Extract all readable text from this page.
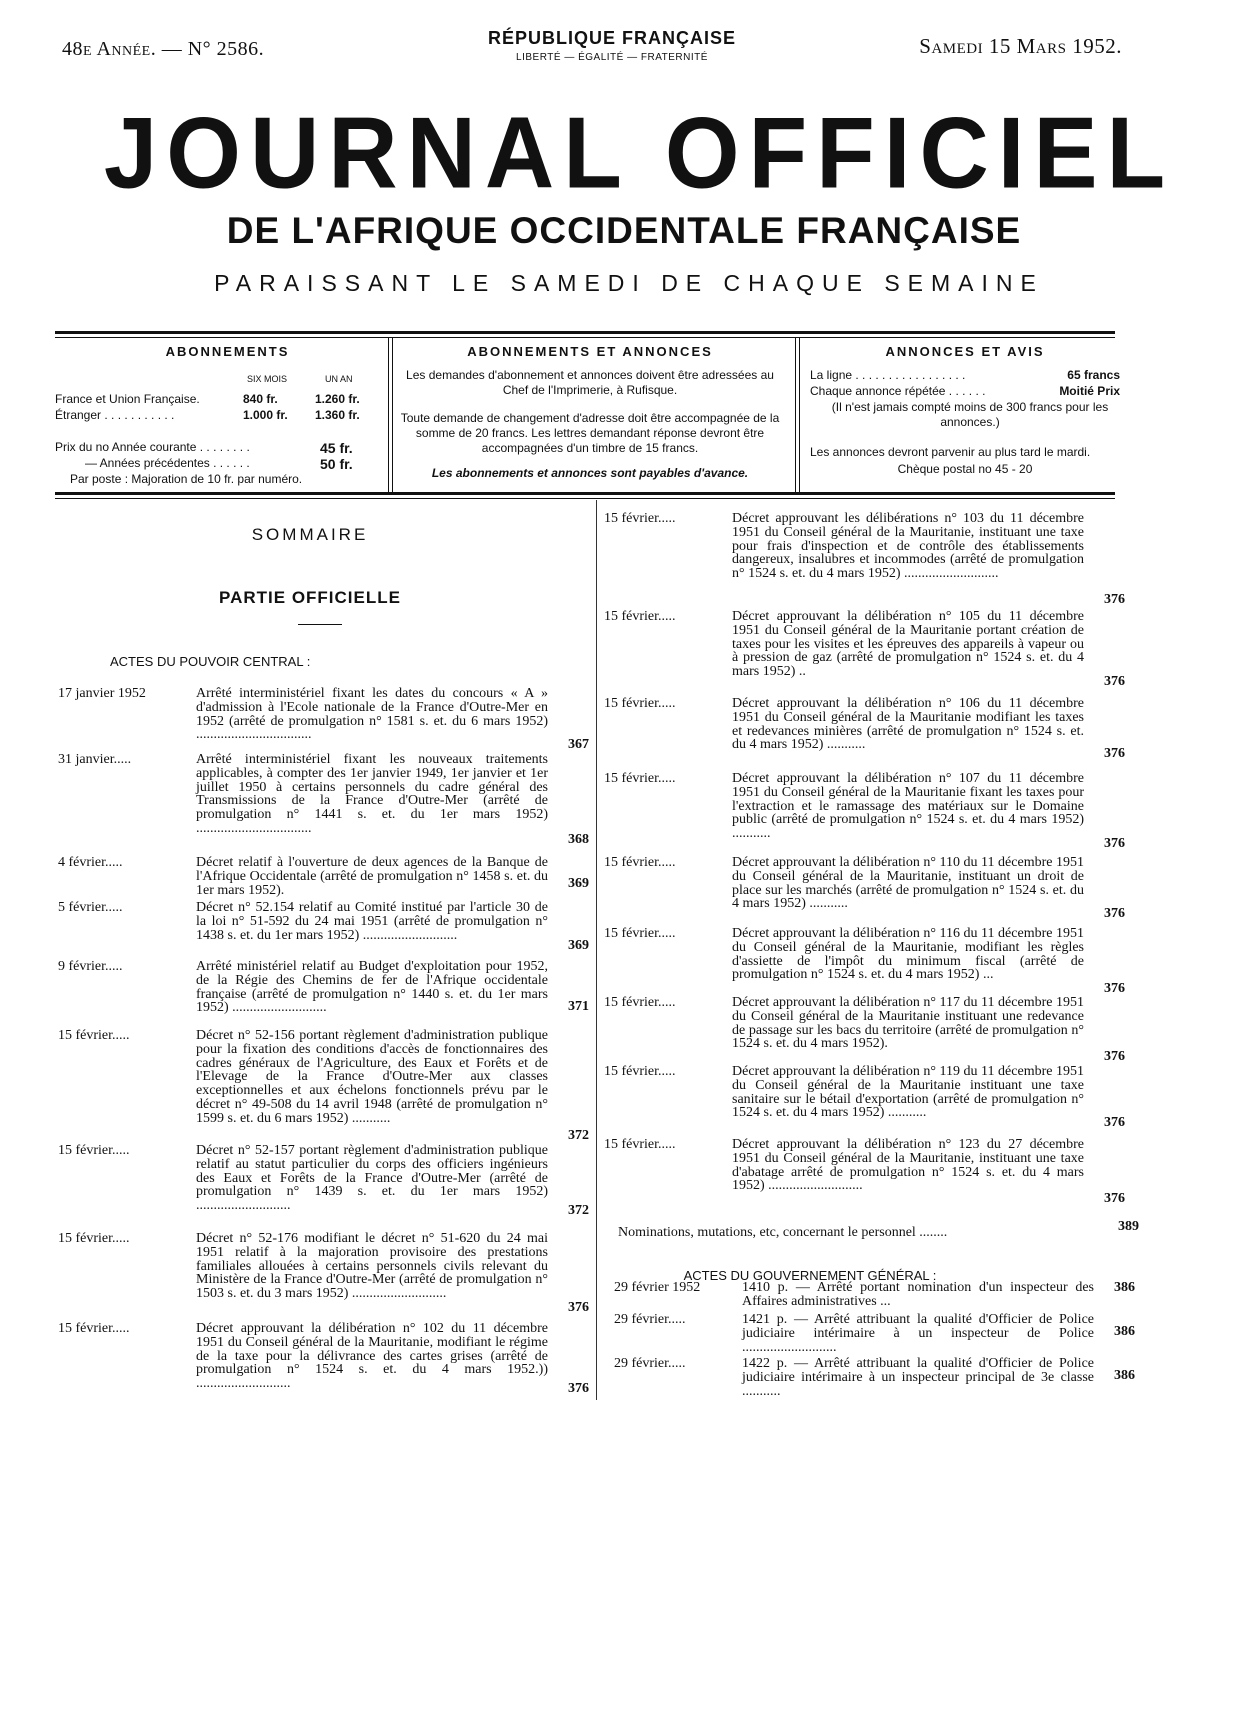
48e Année. — N° 2586.	RÉPUBLIQUE FRANÇAISE
LIBERTÉ — ÉGALITÉ — FRATERNITÉ	Samedi 15 Mars 1952.
JOURNAL OFFICIEL
DE L'AFRIQUE OCCIDENTALE FRANÇAISE
PARAISSANT LE SAMEDI DE CHAQUE SEMAINE
ABONNEMENTS
SIX MOIS	UN AN
France et Union Française.	840 fr.	1.260 fr.
Étranger . . . . . . . . . . .	1.000 fr. 1.360 fr.
Prix du no Année courante . . . . . . . .	45 fr.
— Années précédentes . . . . . .	50 fr.
Par poste : Majoration de 10 fr. par numéro.
ABONNEMENTS ET ANNONCES

Les demandes d'abonnement et annonces doivent être adressées au Chef de l'Imprimerie, à Rufisque.

Toute demande de changement d'adresse doit être accompagnée de la somme de 20 francs. Les lettres demandant réponse devront être accompagnées d'un timbre de 15 francs.

Les abonnements et annonces sont payables d'avance.

ANNONCES ET AVIS
La ligne . . . . . . . . . . . . . . . . .	65 francs
Chaque annonce répétée . . . . . .	Moitié Prix
(Il n'est jamais compté moins de 300 francs pour les annonces.)
Les annonces devront parvenir au plus tard le mardi.
Chèque postal no 45 - 20
SOMMAIRE
PARTIE OFFICIELLE
ACTES DU POUVOIR CENTRAL :
17 janvier 1952	Arrêté interministériel fixant les dates du concours « A » d'admission à l'Ecole nationale de la France d'Outre-Mer en 1952 (arrêté de promulgation n° 1581 s. et. du 6 mars 1952) .................................
367
31 janvier.....	Arrêté interministériel fixant les nouveaux traitements applicables, à compter des 1er janvier 1949, 1er janvier et 1er juillet 1950 à certains personnels du cadre général des Transmissions de la France d'Outre-Mer (arrêté de promulgation n° 1441 s. et. du 1er mars 1952) .................................
368
4 février.....	Décret relatif à l'ouverture de deux agences de la Banque de l'Afrique Occidentale (arrêté de promulgation n° 1458 s. et. du 1er mars 1952).	369
5 février.....	Décret n° 52.154 relatif au Comité institué par l'article 30 de la loi n° 51-592 du 24 mai 1951 (arrêté de promulgation n° 1438 s. et. du 1er mars 1952) ...........................
369
9 février.....	Arrêté ministériel relatif au Budget d'exploitation pour 1952, de la Régie des Chemins de fer de l'Afrique occidentale française (arrêté de promulgation n° 1440 s. et. du 1er mars 1952) ...........................	371
15 février.....	Décret n° 52-156 portant règlement d'administration publique pour la fixation des conditions d'accès de fonctionnaires des cadres généraux de l'Agriculture, des Eaux et Forêts et de l'Elevage de la France d'Outre-Mer aux classes exceptionnelles et aux échelons fonctionnels prévu par le décret n° 49-508 du 14 avril 1948 (arrêté de promulgation n° 1599 s. et. du 6 mars 1952) ...........
372
15 février.....	Décret n° 52-157 portant règlement d'administration publique relatif au statut particulier du corps des officiers ingénieurs des Eaux et Forêts de la France d'Outre-Mer (arrêté de promulgation n° 1439 s. et. du 1er mars 1952) ...........................	372
15 février.....	Décret n° 52-176 modifiant le décret n° 51-620 du 24 mai 1951 relatif à la majoration provisoire des prestations familiales allouées à certains personnels civils relevant du Ministère de la France d'Outre-Mer (arrêté de promulgation n° 1503 s. et. du 3 mars 1952) ...........................
376
15 février.....	Décret approuvant la délibération n° 102 du 11 décembre 1951 du Conseil général de la Mauritanie, modifiant le régime de la taxe pour la délivrance des cartes grises (arrêté de promulgation n° 1524 s. et. du 4 mars 1952.)) ...........................	376
15 février.....	Décret approuvant les délibérations n° 103 du 11 décembre 1951 du Conseil général de la Mauritanie, instituant une taxe pour frais d'inspection et de contrôle des établissements dangereux, insalubres et incommodes (arrêté de promulgation n° 1524 s. et. du 4 mars 1952) ...........................
376
15 février.....	Décret approuvant la délibération n° 105 du 11 décembre 1951 du Conseil général de la Mauritanie portant création de taxes pour les visites et les épreuves des appareils à vapeur ou à pression de gaz (arrêté de promulgation n° 1524 s. et. du 4 mars 1952) ..
376
15 février.....	Décret approuvant la délibération n° 106 du 11 décembre 1951 du Conseil général de la Mauritanie modifiant les taxes et redevances minières (arrêté de promulgation n° 1524 s. et. du 4 mars 1952) ...........
376
15 février.....	Décret approuvant la délibération n° 107 du 11 décembre 1951 du Conseil général de la Mauritanie fixant les taxes pour l'extraction et le ramassage des matériaux sur le Domaine public (arrêté de promulgation n° 1524 s. et. du 4 mars 1952) ...........
376
15 février.....	Décret approuvant la délibération n° 110 du 11 décembre 1951 du Conseil général de la Mauritanie, instituant un droit de place sur les marchés (arrêté de promulgation n° 1524 s. et. du 4 mars 1952) ...........
376
15 février.....	Décret approuvant la délibération n° 116 du 11 décembre 1951 du Conseil général de la Mauritanie, modifiant les règles d'assiette de l'impôt du minimum fiscal (arrêté de promulgation n° 1524 s. et. du 4 mars 1952) ...
376
15 février.....	Décret approuvant la délibération n° 117 du 11 décembre 1951 du Conseil général de la Mauritanie instituant une redevance de passage sur les bacs du territoire (arrêté de promulgation n° 1524 s. et. du 4 mars 1952).
376
15 février.....	Décret approuvant la délibération n° 119 du 11 décembre 1951 du Conseil général de la Mauritanie instituant une taxe sanitaire sur le bétail d'exportation (arrêté de promulgation n° 1524 s. et. du 4 mars 1952) ...........
376
15 février.....	Décret approuvant la délibération n° 123 du 27 décembre 1951 du Conseil général de la Mauritanie, instituant une taxe d'abatage arrêté de promulgation n° 1524 s. et. du 4 mars 1952) ...........................
376
Nominations, mutations, etc, concernant le personnel ........	389
ACTES DU GOUVERNEMENT GÉNÉRAL :
29 février 1952	1410 p. — Arrêté portant nomination d'un inspecteur des Affaires administratives ...
386
29 février.....	1421 p. — Arrêté attribuant la qualité d'Officier de Police judiciaire intérimaire à un inspecteur de Police ...........................
386
29 février.....	1422 p. — Arrêté attribuant la qualité d'Officier de Police judiciaire intérimaire à un inspecteur principal de 3e classe ...........
386
